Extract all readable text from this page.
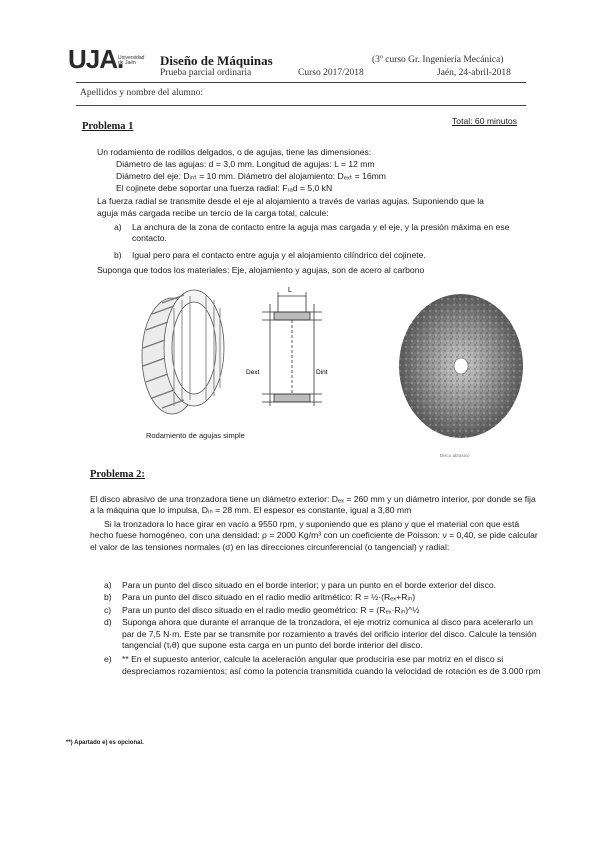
UJA.
Universidad
de Jaén	Diseño de Máquinas
Prueba parcial ordinaria	Curso 2017/2018
(3º curso Gr. Ingeniería Mecánica)
Jaén, 24-abril-2018
Apellidos y nombre del alumno:
Problema 1	Total: 60 minutos
Un rodamiento de rodillos delgados, o de agujas, tiene las dimensiones:
Diámetro de las agujas: d = 3,0 mm. Longitud de agujas: L = 12 mm
Diámetro del eje: Dᵢₙₜ = 10 mm. Diámetro del alojamiento: Dₑₓₜ = 16mm
El cojinete debe soportar una fuerza radial: Fᵣₐd = 5,0 kN
La fuerza radial se transmite desde el eje al alojamiento a través de varias agujas. Suponiendo que la
aguja más cargada recibe un tercio de la carga total, calcule:
a) La anchura de la zona de contacto entre la aguja mas cargada y el eje, y la presión máxima en ese contacto.
b) Igual pero para el contacto entre aguja y el alojamiento cilíndrico del cojinete.
Suponga que todos los materiales: Eje, alojamiento y agujas, son de acero al carbono
L
Dext	Dint
Rodamiento de agujas simple
Disco abrasivo
Problema 2:
El disco abrasivo de una tronzadora tiene un diámetro exterior: Dₑₓ = 260 mm y un diámetro interior, por donde se fija a la máquina que lo impulsa, Dᵢₙ = 28 mm. El espesor es constante, igual a 3,80 mm
Si la tronzadora lo hace girar en vacío a 9550 rpm, y suponiendo que es plano y que el material con que está hecho fuese homogéneo, con una densidad: ρ = 2000 Kg/m³ con un coeficiente de Poisson: ν = 0,40, se pide calcular el valor de las tensiones normales (σ) en las direcciones circunferencial (o tangencial) y radial:
a) Para un punto del disco situado en el borde interior; y para un punto en el borde exterior del disco.
b) Para un punto del disco situado en el radio medio aritmético: R = ½·(Rₑₓ+Rᵢₙ)
c) Para un punto del disco situado en el radio medio geométrico: R = (Rₑₓ·Rᵢₙ)^½
d) Suponga ahora que durante el arranque de la tronzadora, el eje motriz comunica al disco para acelerarlo un par de 7,5 N·m. Este par se transmite por rozamiento a través del orificio interior del disco. Calcule la tensión tangencial (τᵣθ) que supone esta carga en un punto del borde interior del disco.
e) ** En el supuesto anterior, calcule la aceleración angular que produciría ese par motriz en el disco si despreciamos rozamientos; así como la potencia transmitida cuando la velocidad de rotación es de 3.000 rpm
**) Apartado e) es opcional.
